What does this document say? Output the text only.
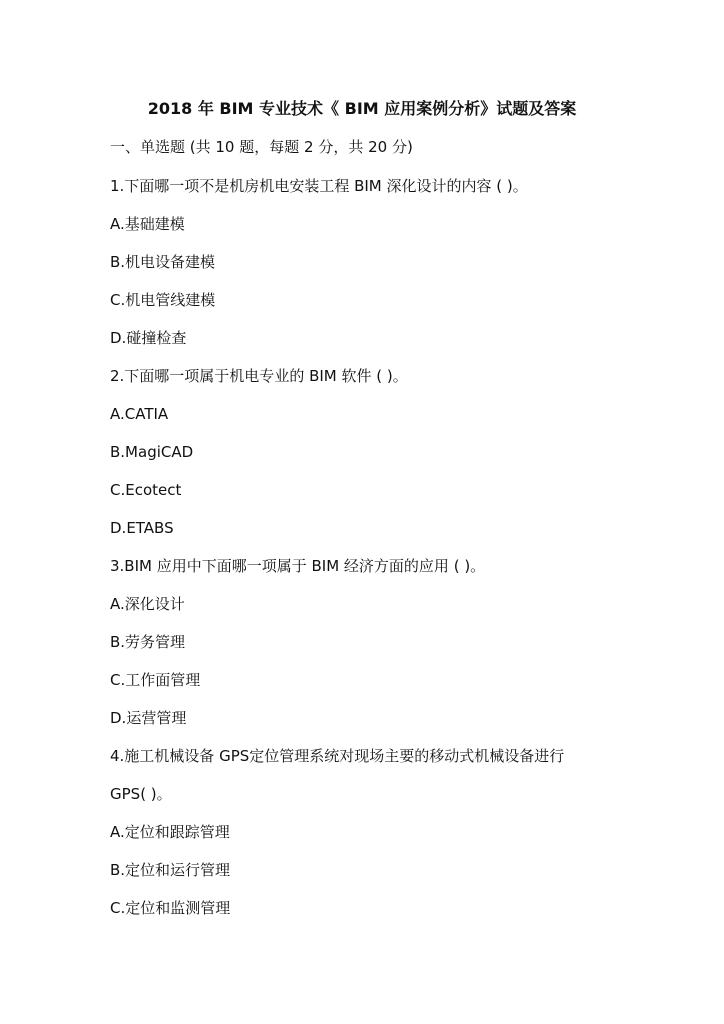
2018 年 BIM 专业技术《 BIM 应用案例分析》试题及答案
一、单选题 (共 10 题，每题 2 分，共 20 分)
1.下面哪一项不是机房机电安装工程 BIM 深化设计的内容 ( )。
A.基础建模
B.机电设备建模
C.机电管线建模
D.碰撞检查
2.下面哪一项属于机电专业的 BIM 软件 ( )。
A.CATIA
B.MagiCAD
C.Ecotect
D.ETABS
3.BIM 应用中下面哪一项属于 BIM 经济方面的应用 ( )。
A.深化设计
B.劳务管理
C.工作面管理
D.运营管理
4.施工机械设备 GPS定位管理系统对现场主要的移动式机械设备进行
GPS( )。
A.定位和跟踪管理
B.定位和运行管理
C.定位和监测管理
